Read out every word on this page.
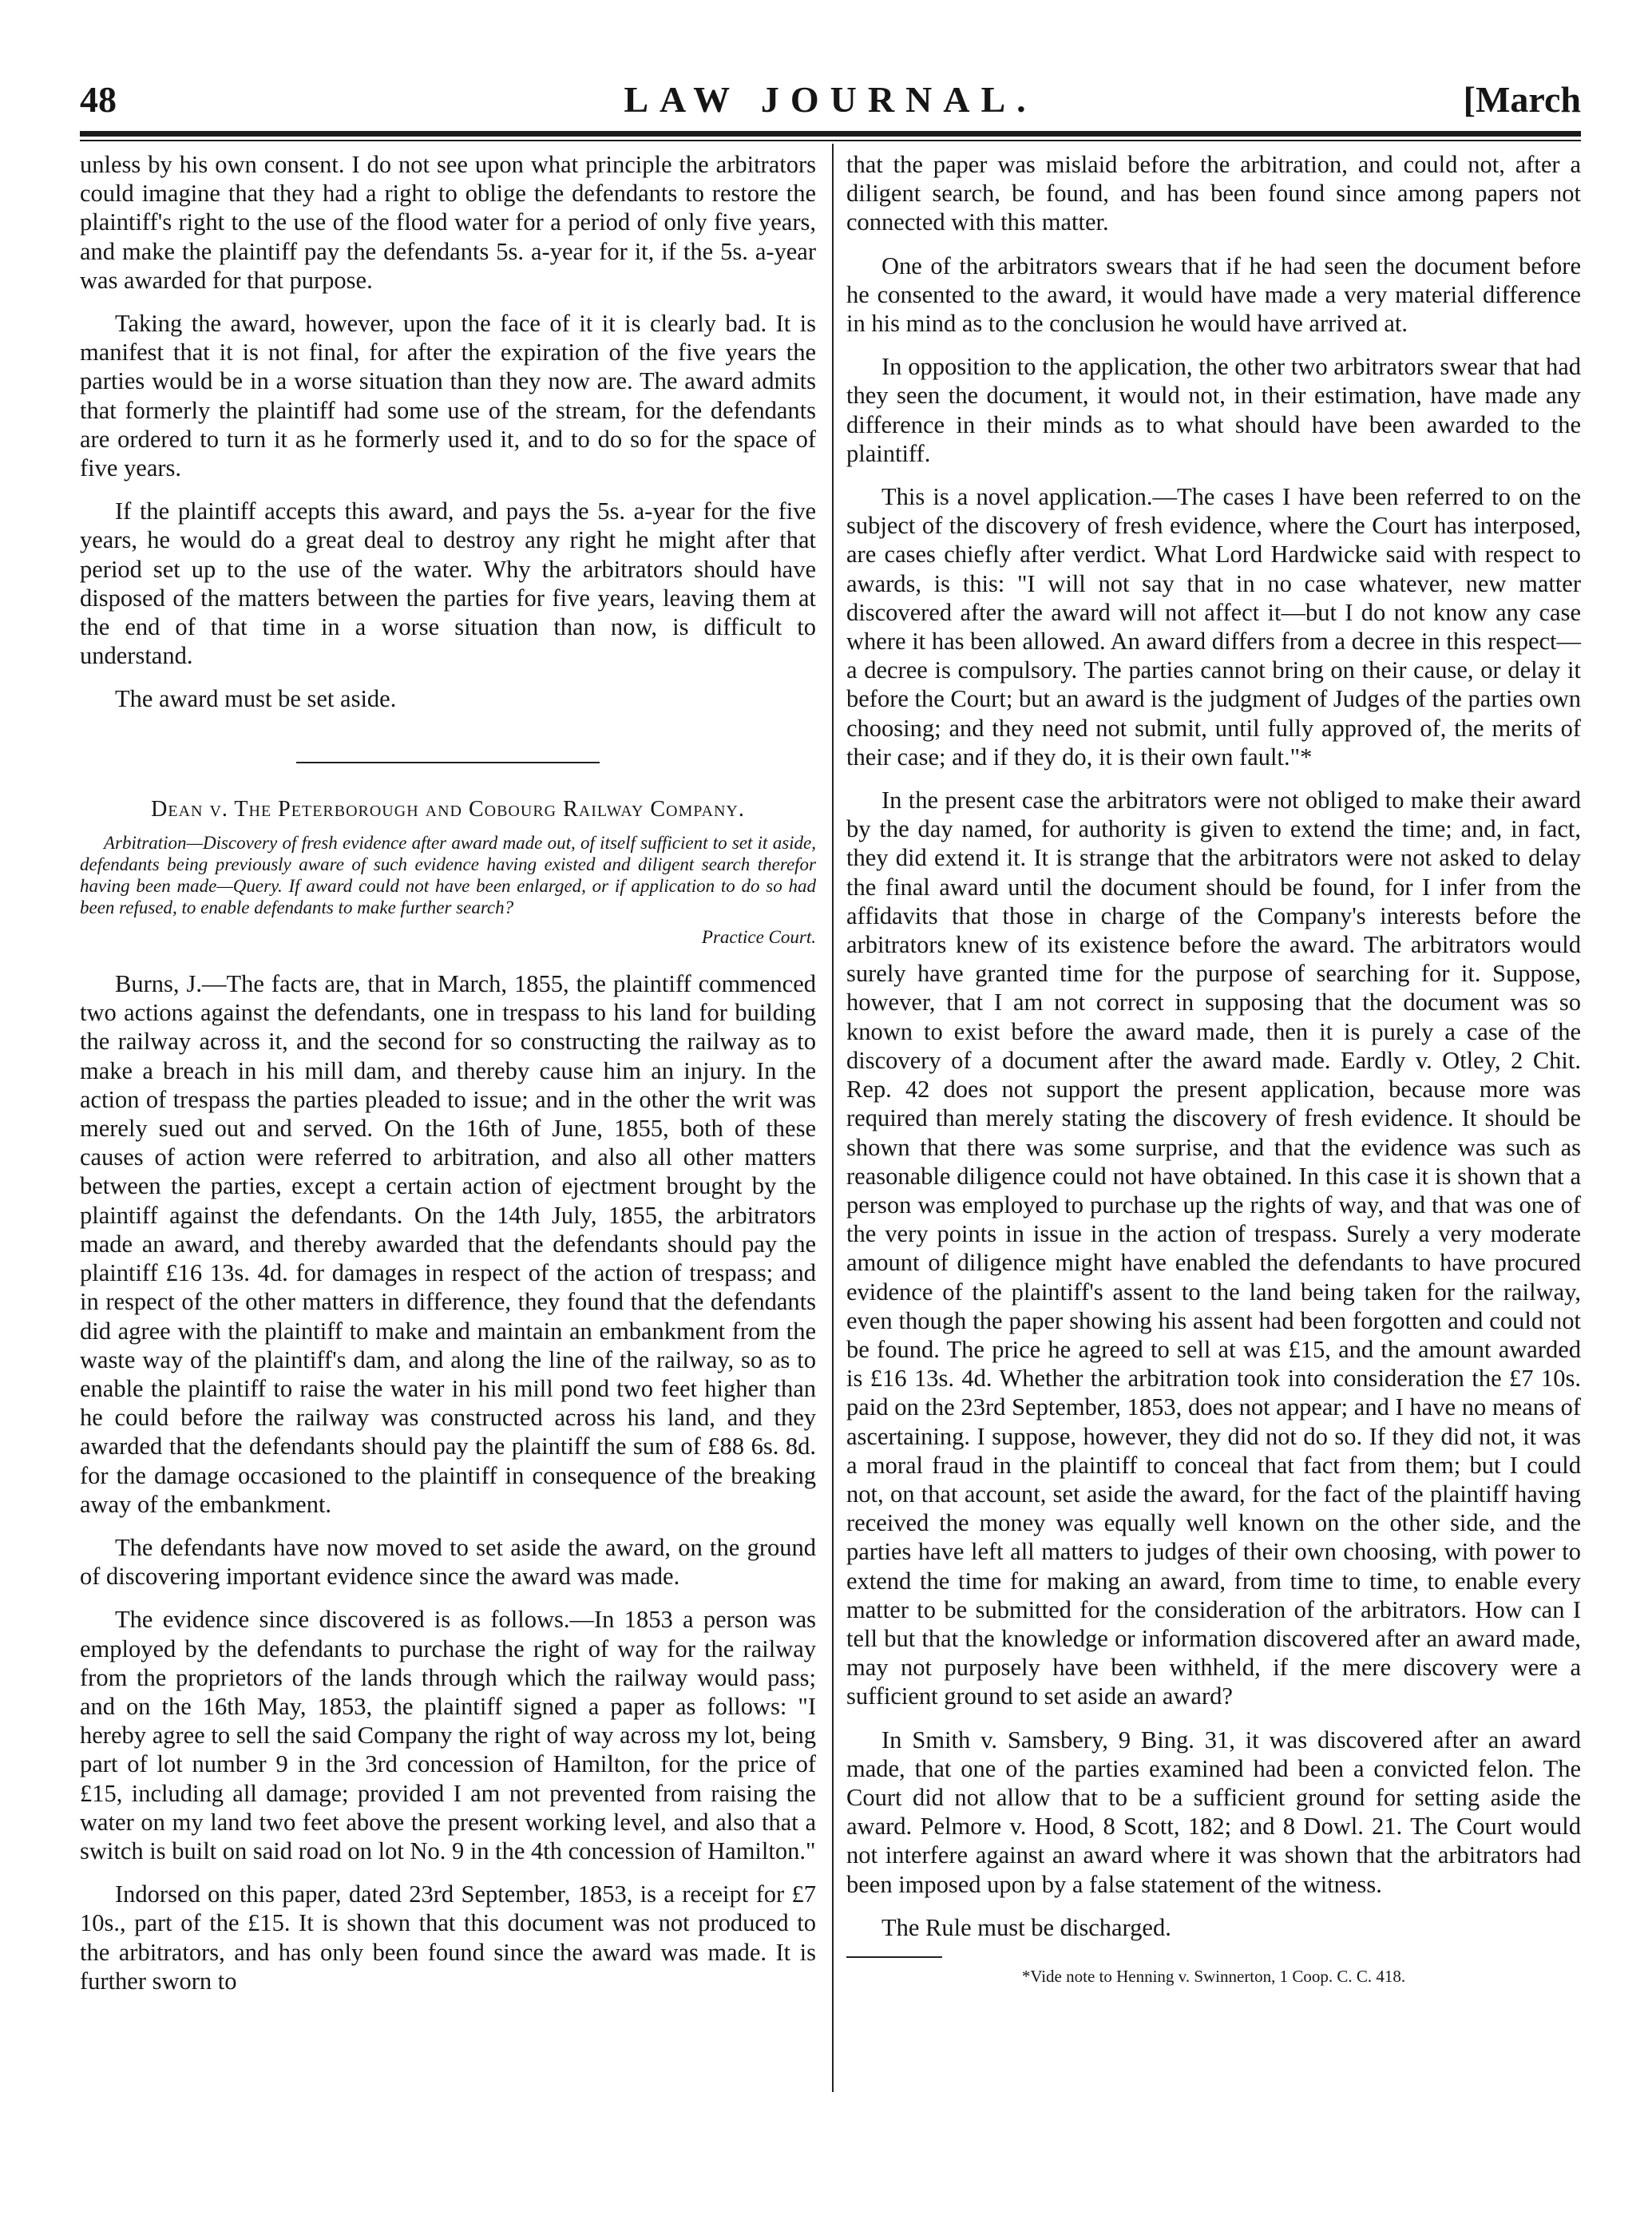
48	LAW JOURNAL.	[March

unless by his own consent. I do not see upon what principle the arbitrators could imagine that they had a right to oblige the defendants to restore the plaintiff's right to the use of the flood water for a period of only five years, and make the plaintiff pay the defendants 5s. a-year for it, if the 5s. a-year was awarded for that purpose.

Taking the award, however, upon the face of it it is clearly bad. It is manifest that it is not final, for after the expiration of the five years the parties would be in a worse situation than they now are. The award admits that formerly the plaintiff had some use of the stream, for the defendants are ordered to turn it as he formerly used it, and to do so for the space of five years.

If the plaintiff accepts this award, and pays the 5s. a-year for the five years, he would do a great deal to destroy any right he might after that period set up to the use of the water. Why the arbitrators should have disposed of the matters between the parties for five years, leaving them at the end of that time in a worse situation than now, is difficult to understand.

The award must be set aside.

Dean v. The Peterborough and Cobourg Railway Company.
Arbitration—Discovery of fresh evidence after award made out, of itself sufficient to set it aside, defendants being previously aware of such evidence having existed and diligent search therefor having been made—Query. If award could not have been enlarged, or if application to do so had been refused, to enable defendants to make further search?
Practice Court.

Burns, J.—The facts are, that in March, 1855, the plaintiff commenced two actions against the defendants, one in trespass to his land for building the railway across it, and the second for so constructing the railway as to make a breach in his mill dam, and thereby cause him an injury. In the action of trespass the parties pleaded to issue; and in the other the writ was merely sued out and served. On the 16th of June, 1855, both of these causes of action were referred to arbitration, and also all other matters between the parties, except a certain action of ejectment brought by the plaintiff against the defendants. On the 14th July, 1855, the arbitrators made an award, and thereby awarded that the defendants should pay the plaintiff £16 13s. 4d. for damages in respect of the action of trespass; and in respect of the other matters in difference, they found that the defendants did agree with the plaintiff to make and maintain an embankment from the waste way of the plaintiff's dam, and along the line of the railway, so as to enable the plaintiff to raise the water in his mill pond two feet higher than he could before the railway was constructed across his land, and they awarded that the defendants should pay the plaintiff the sum of £88 6s. 8d. for the damage occasioned to the plaintiff in consequence of the breaking away of the embankment.

The defendants have now moved to set aside the award, on the ground of discovering important evidence since the award was made.

The evidence since discovered is as follows.—In 1853 a person was employed by the defendants to purchase the right of way for the railway from the proprietors of the lands through which the railway would pass; and on the 16th May, 1853, the plaintiff signed a paper as follows: "I hereby agree to sell the said Company the right of way across my lot, being part of lot number 9 in the 3rd concession of Hamilton, for the price of £15, including all damage; provided I am not prevented from raising the water on my land two feet above the present working level, and also that a switch is built on said road on lot No. 9 in the 4th concession of Hamilton."

Indorsed on this paper, dated 23rd September, 1853, is a receipt for £7 10s., part of the £15. It is shown that this document was not produced to the arbitrators, and has only been found since the award was made. It is further sworn to

that the paper was mislaid before the arbitration, and could not, after a diligent search, be found, and has been found since among papers not connected with this matter.

One of the arbitrators swears that if he had seen the document before he consented to the award, it would have made a very material difference in his mind as to the conclusion he would have arrived at.

In opposition to the application, the other two arbitrators swear that had they seen the document, it would not, in their estimation, have made any difference in their minds as to what should have been awarded to the plaintiff.

This is a novel application.—The cases I have been referred to on the subject of the discovery of fresh evidence, where the Court has interposed, are cases chiefly after verdict. What Lord Hardwicke said with respect to awards, is this: "I will not say that in no case whatever, new matter discovered after the award will not affect it—but I do not know any case where it has been allowed. An award differs from a decree in this respect—a decree is compulsory. The parties cannot bring on their cause, or delay it before the Court; but an award is the judgment of Judges of the parties own choosing; and they need not submit, until fully approved of, the merits of their case; and if they do, it is their own fault."*

In the present case the arbitrators were not obliged to make their award by the day named, for authority is given to extend the time; and, in fact, they did extend it. It is strange that the arbitrators were not asked to delay the final award until the document should be found, for I infer from the affidavits that those in charge of the Company's interests before the arbitrators knew of its existence before the award. The arbitrators would surely have granted time for the purpose of searching for it. Suppose, however, that I am not correct in supposing that the document was so known to exist before the award made, then it is purely a case of the discovery of a document after the award made. Eardly v. Otley, 2 Chit. Rep. 42 does not support the present application, because more was required than merely stating the discovery of fresh evidence. It should be shown that there was some surprise, and that the evidence was such as reasonable diligence could not have obtained. In this case it is shown that a person was employed to purchase up the rights of way, and that was one of the very points in issue in the action of trespass. Surely a very moderate amount of diligence might have enabled the defendants to have procured evidence of the plaintiff's assent to the land being taken for the railway, even though the paper showing his assent had been forgotten and could not be found. The price he agreed to sell at was £15, and the amount awarded is £16 13s. 4d. Whether the arbitration took into consideration the £7 10s. paid on the 23rd September, 1853, does not appear; and I have no means of ascertaining. I suppose, however, they did not do so. If they did not, it was a moral fraud in the plaintiff to conceal that fact from them; but I could not, on that account, set aside the award, for the fact of the plaintiff having received the money was equally well known on the other side, and the parties have left all matters to judges of their own choosing, with power to extend the time for making an award, from time to time, to enable every matter to be submitted for the consideration of the arbitrators. How can I tell but that the knowledge or information discovered after an award made, may not purposely have been withheld, if the mere discovery were a sufficient ground to set aside an award?

In Smith v. Samsbery, 9 Bing. 31, it was discovered after an award made, that one of the parties examined had been a convicted felon. The Court did not allow that to be a sufficient ground for setting aside the award. Pelmore v. Hood, 8 Scott, 182; and 8 Dowl. 21. The Court would not interfere against an award where it was shown that the arbitrators had been imposed upon by a false statement of the witness.

The Rule must be discharged.

*Vide note to Henning v. Swinnerton, 1 Coop. C. C. 418.
